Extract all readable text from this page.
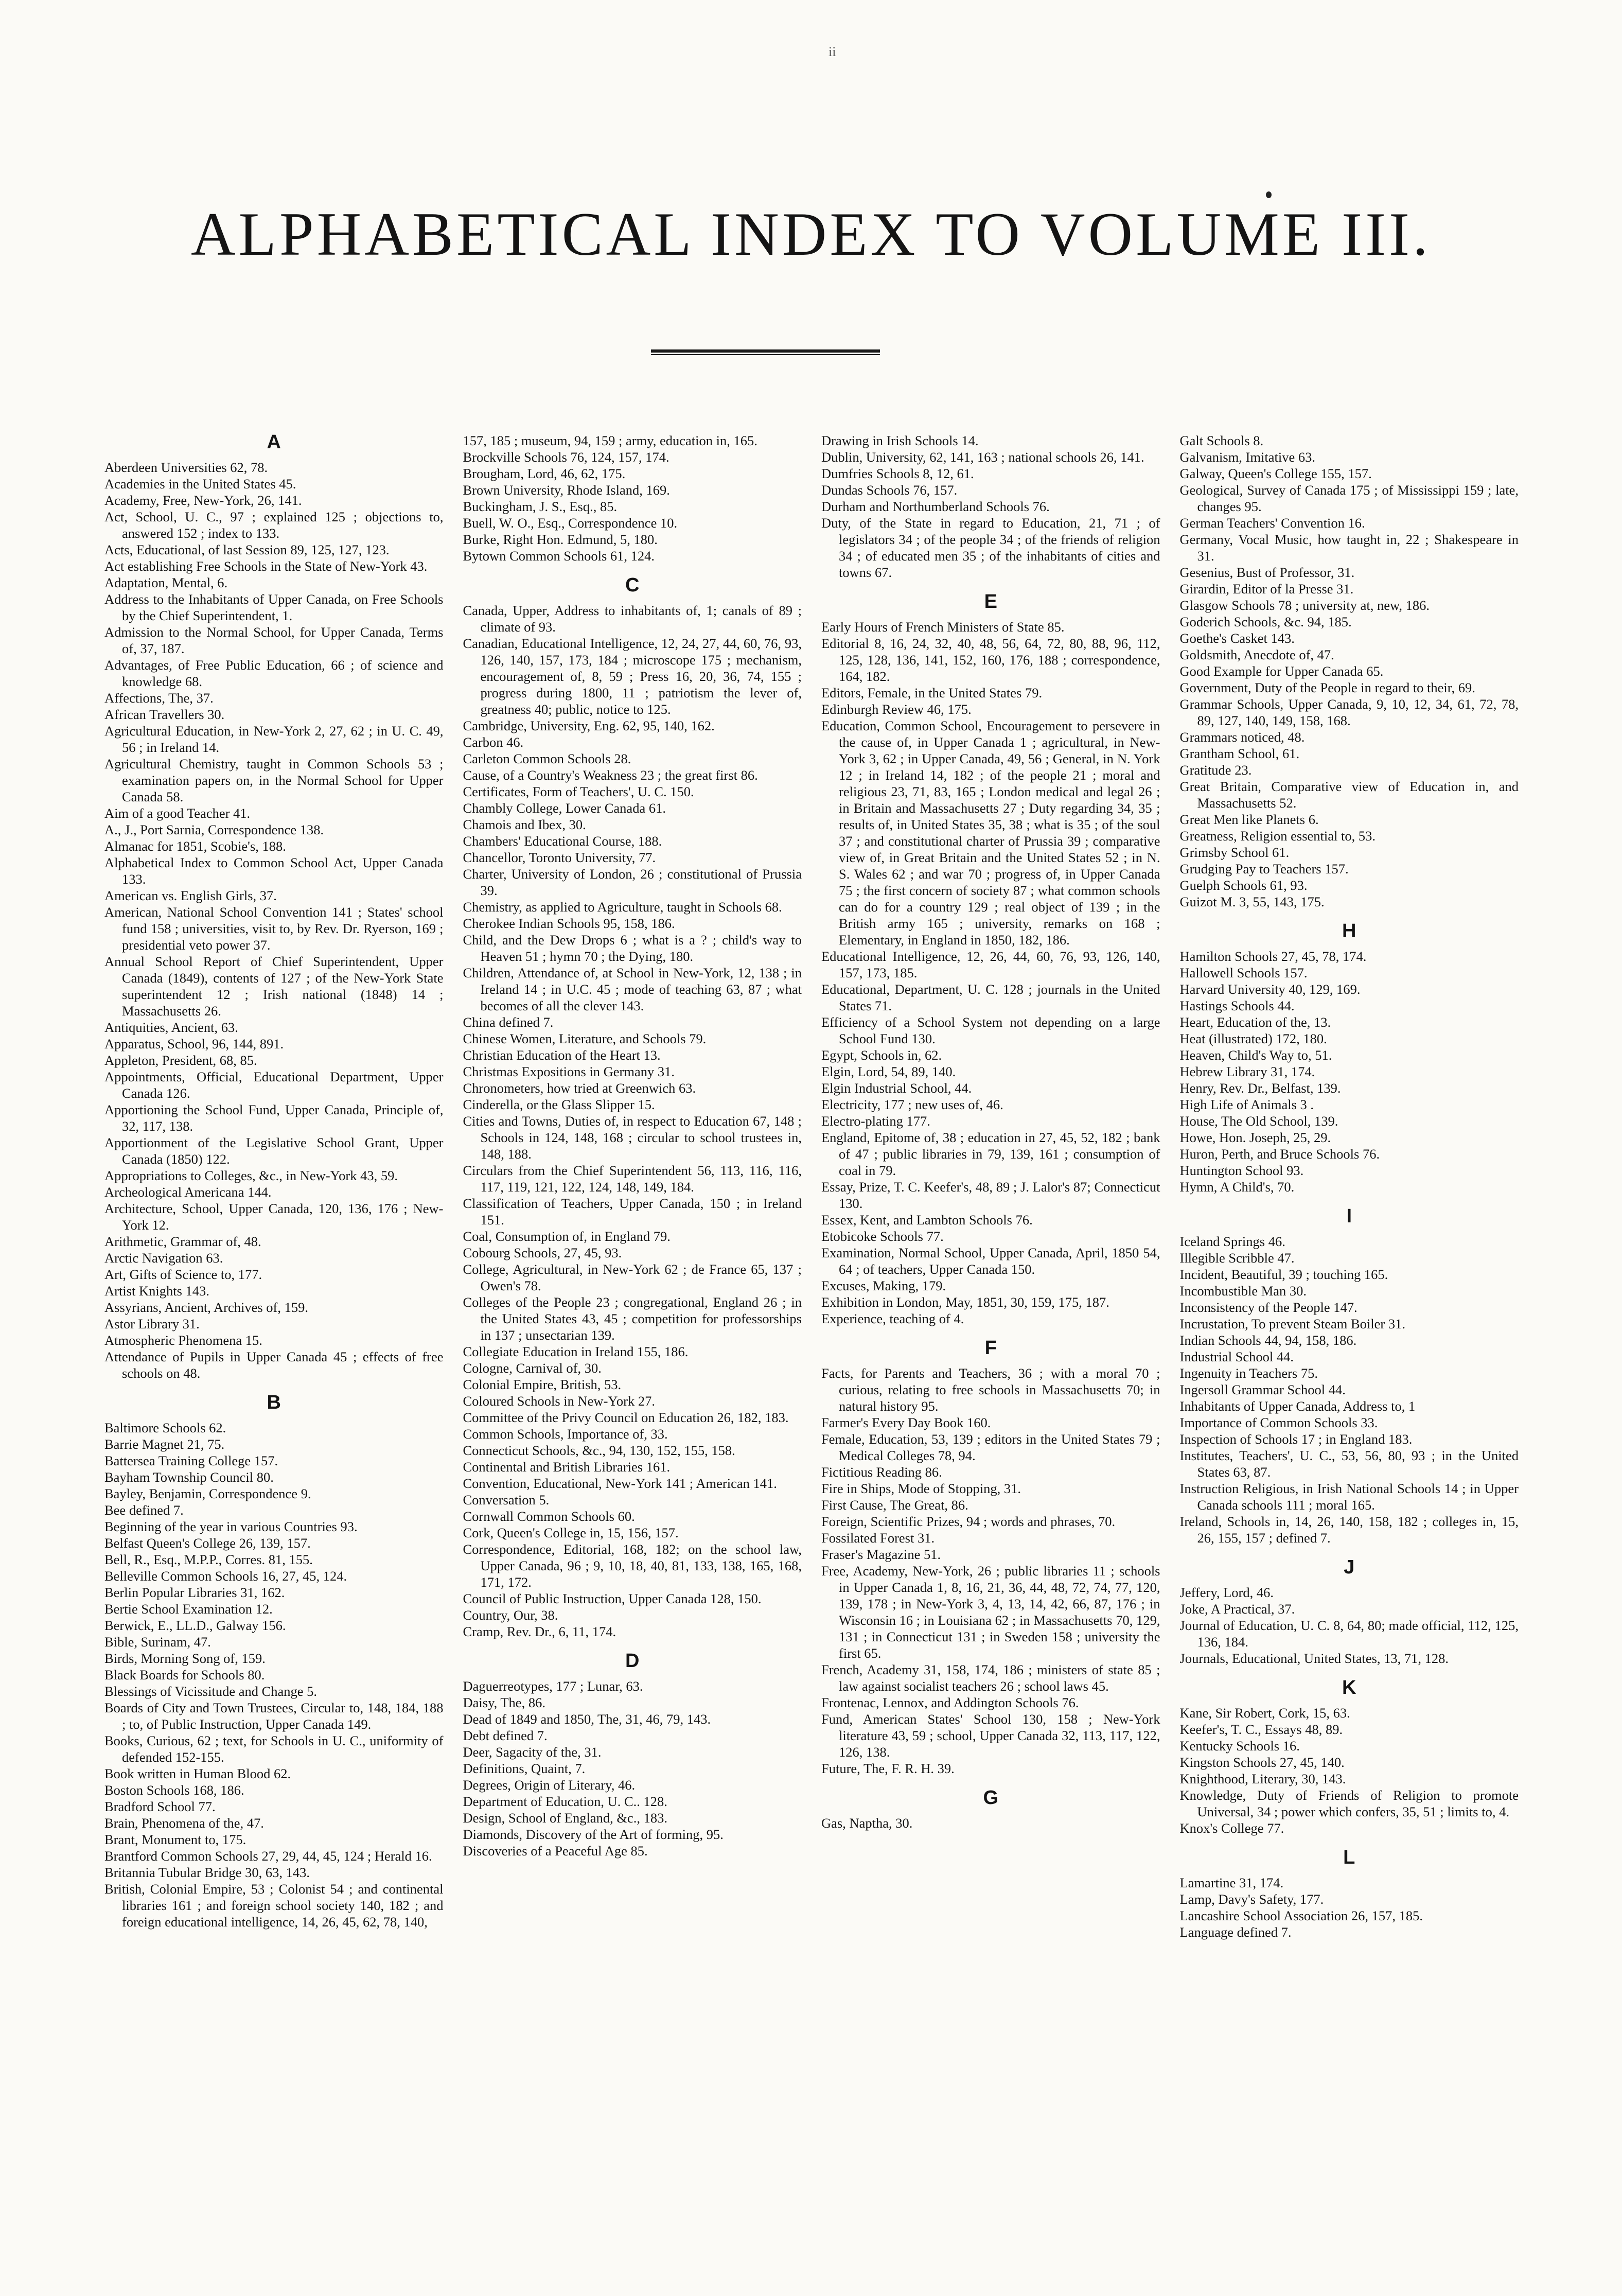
ii
ALPHABETICAL INDEX TO VOLUME III.
A

Aberdeen Universities 62, 78.

Academies in the United States 45.

Academy, Free, New-York, 26, 141.

Act, School, U. C., 97 ; explained 125 ; objections to, answered 152 ; index to 133.

Acts, Educational, of last Session 89, 125, 127, 123.

Act establishing Free Schools in the State of New-York 43.

Adaptation, Mental, 6.

Address to the Inhabitants of Upper Canada, on Free Schools by the Chief Superintendent, 1.

Admission to the Normal School, for Upper Canada, Terms of, 37, 187.

Advantages, of Free Public Education, 66 ; of science and knowledge 68.

Affections, The, 37.

African Travellers 30.

Agricultural Education, in New-York 2, 27, 62 ; in U. C. 49, 56 ; in Ireland 14.

Agricultural Chemistry, taught in Common Schools 53 ; examination papers on, in the Normal School for Upper Canada 58.

Aim of a good Teacher 41.

A., J., Port Sarnia, Correspondence 138.

Almanac for 1851, Scobie's, 188.

Alphabetical Index to Common School Act, Upper Canada 133.

American vs. English Girls, 37.

American, National School Convention 141 ; States' school fund 158 ; universities, visit to, by Rev. Dr. Ryerson, 169 ; presidential veto power 37.

Annual School Report of Chief Superintendent, Upper Canada (1849), contents of 127 ; of the New-York State superintendent 12 ; Irish national (1848) 14 ; Massachusetts 26.

Antiquities, Ancient, 63.

Apparatus, School, 96, 144, 891.

Appleton, President, 68, 85.

Appointments, Official, Educational Department, Upper Canada 126.

Apportioning the School Fund, Upper Canada, Principle of, 32, 117, 138.

Apportionment of the Legislative School Grant, Upper Canada (1850) 122.

Appropriations to Colleges, &c., in New-York 43, 59.

Archeological Americana 144.

Architecture, School, Upper Canada, 120, 136, 176 ; New-York 12.

Arithmetic, Grammar of, 48.

Arctic Navigation 63.

Art, Gifts of Science to, 177.

Artist Knights 143.

Assyrians, Ancient, Archives of, 159.

Astor Library 31.

Atmospheric Phenomena 15.

Attendance of Pupils in Upper Canada 45 ; effects of free schools on 48.

B

Baltimore Schools 62.

Barrie Magnet 21, 75.

Battersea Training College 157.

Bayham Township Council 80.

Bayley, Benjamin, Correspondence 9.

Bee defined 7.

Beginning of the year in various Countries 93.

Belfast Queen's College 26, 139, 157.

Bell, R., Esq., M.P.P., Corres. 81, 155.

Belleville Common Schools 16, 27, 45, 124.

Berlin Popular Libraries 31, 162.

Bertie School Examination 12.

Berwick, E., LL.D., Galway 156.

Bible, Surinam, 47.

Birds, Morning Song of, 159.

Black Boards for Schools 80.

Blessings of Vicissitude and Change 5.

Boards of City and Town Trustees, Circular to, 148, 184, 188 ; to, of Public Instruction, Upper Canada 149.

Books, Curious, 62 ; text, for Schools in U. C., uniformity of defended 152-155.

Book written in Human Blood 62.

Boston Schools 168, 186.

Bradford School 77.

Brain, Phenomena of the, 47.

Brant, Monument to, 175.

Brantford Common Schools 27, 29, 44, 45, 124 ; Herald 16.

Britannia Tubular Bridge 30, 63, 143.

British, Colonial Empire, 53 ; Colonist 54 ; and continental libraries 161 ; and foreign school society 140, 182 ; and foreign educational intelligence, 14, 26, 45, 62, 78, 140,

157, 185 ; museum, 94, 159 ; army, education in, 165.

Brockville Schools 76, 124, 157, 174.

Brougham, Lord, 46, 62, 175.

Brown University, Rhode Island, 169.

Buckingham, J. S., Esq., 85.

Buell, W. O., Esq., Correspondence 10.

Burke, Right Hon. Edmund, 5, 180.

Bytown Common Schools 61, 124.

C

Canada, Upper, Address to inhabitants of, 1; canals of 89 ; climate of 93.

Canadian, Educational Intelligence, 12, 24, 27, 44, 60, 76, 93, 126, 140, 157, 173, 184 ; microscope 175 ; mechanism, encouragement of, 8, 59 ; Press 16, 20, 36, 74, 155 ; progress during 1800, 11 ; patriotism the lever of, greatness 40; public, notice to 125.

Cambridge, University, Eng. 62, 95, 140, 162.

Carbon 46.

Carleton Common Schools 28.

Cause, of a Country's Weakness 23 ; the great first 86.

Certificates, Form of Teachers', U. C. 150.

Chambly College, Lower Canada 61.

Chamois and Ibex, 30.

Chambers' Educational Course, 188.

Chancellor, Toronto University, 77.

Charter, University of London, 26 ; constitutional of Prussia 39.

Chemistry, as applied to Agriculture, taught in Schools 68.

Cherokee Indian Schools 95, 158, 186.

Child, and the Dew Drops 6 ; what is a ? ; child's way to Heaven 51 ; hymn 70 ; the Dying, 180.

Children, Attendance of, at School in New-York, 12, 138 ; in Ireland 14 ; in U.C. 45 ; mode of teaching 63, 87 ; what becomes of all the clever 143.

China defined 7.

Chinese Women, Literature, and Schools 79.

Christian Education of the Heart 13.

Christmas Expositions in Germany 31.

Chronometers, how tried at Greenwich 63.

Cinderella, or the Glass Slipper 15.

Cities and Towns, Duties of, in respect to Education 67, 148 ; Schools in 124, 148, 168 ; circular to school trustees in, 148, 188.

Circulars from the Chief Superintendent 56, 113, 116, 116, 117, 119, 121, 122, 124, 148, 149, 184.

Classification of Teachers, Upper Canada, 150 ; in Ireland 151.

Coal, Consumption of, in England 79.

Cobourg Schools, 27, 45, 93.

College, Agricultural, in New-York 62 ; de France 65, 137 ; Owen's 78.

Colleges of the People 23 ; congregational, England 26 ; in the United States 43, 45 ; competition for professorships in 137 ; unsectarian 139.

Collegiate Education in Ireland 155, 186.

Cologne, Carnival of, 30.

Colonial Empire, British, 53.

Coloured Schools in New-York 27.

Committee of the Privy Council on Education 26, 182, 183.

Common Schools, Importance of, 33.

Connecticut Schools, &c., 94, 130, 152, 155, 158.

Continental and British Libraries 161.

Convention, Educational, New-York 141 ; American 141.

Conversation 5.

Cornwall Common Schools 60.

Cork, Queen's College in, 15, 156, 157.

Correspondence, Editorial, 168, 182; on the school law, Upper Canada, 96 ; 9, 10, 18, 40, 81, 133, 138, 165, 168, 171, 172.

Council of Public Instruction, Upper Canada 128, 150.

Country, Our, 38.

Cramp, Rev. Dr., 6, 11, 174.

D

Daguerreotypes, 177 ; Lunar, 63.

Daisy, The, 86.

Dead of 1849 and 1850, The, 31, 46, 79, 143.

Debt defined 7.

Deer, Sagacity of the, 31.

Definitions, Quaint, 7.

Degrees, Origin of Literary, 46.

Department of Education, U. C.. 128.

Design, School of England, &c., 183.

Diamonds, Discovery of the Art of forming, 95.

Discoveries of a Peaceful Age 85.

Drawing in Irish Schools 14.

Dublin, University, 62, 141, 163 ; national schools 26, 141.

Dumfries Schools 8, 12, 61.

Dundas Schools 76, 157.

Durham and Northumberland Schools 76.

Duty, of the State in regard to Education, 21, 71 ; of legislators 34 ; of the people 34 ; of the friends of religion 34 ; of educated men 35 ; of the inhabitants of cities and towns 67.

E

Early Hours of French Ministers of State 85.

Editorial 8, 16, 24, 32, 40, 48, 56, 64, 72, 80, 88, 96, 112, 125, 128, 136, 141, 152, 160, 176, 188 ; correspondence, 164, 182.

Editors, Female, in the United States 79.

Edinburgh Review 46, 175.

Education, Common School, Encouragement to persevere in the cause of, in Upper Canada 1 ; agricultural, in New-York 3, 62 ; in Upper Canada, 49, 56 ; General, in N. York 12 ; in Ireland 14, 182 ; of the people 21 ; moral and religious 23, 71, 83, 165 ; London medical and legal 26 ; in Britain and Massachusetts 27 ; Duty regarding 34, 35 ; results of, in United States 35, 38 ; what is 35 ; of the soul 37 ; and constitutional charter of Prussia 39 ; comparative view of, in Great Britain and the United States 52 ; in N. S. Wales 62 ; and war 70 ; progress of, in Upper Canada 75 ; the first concern of society 87 ; what common schools can do for a country 129 ; real object of 139 ; in the British army 165 ; university, remarks on 168 ; Elementary, in England in 1850, 182, 186.

Educational Intelligence, 12, 26, 44, 60, 76, 93, 126, 140, 157, 173, 185.

Educational, Department, U. C. 128 ; journals in the United States 71.

Efficiency of a School System not depending on a large School Fund 130.

Egypt, Schools in, 62.

Elgin, Lord, 54, 89, 140.

Elgin Industrial School, 44.

Electricity, 177 ; new uses of, 46.

Electro-plating 177.

England, Epitome of, 38 ; education in 27, 45, 52, 182 ; bank of 47 ; public libraries in 79, 139, 161 ; consumption of coal in 79.

Essay, Prize, T. C. Keefer's, 48, 89 ; J. Lalor's 87; Connecticut 130.

Essex, Kent, and Lambton Schools 76.

Etobicoke Schools 77.

Examination, Normal School, Upper Canada, April, 1850 54, 64 ; of teachers, Upper Canada 150.

Excuses, Making, 179.

Exhibition in London, May, 1851, 30, 159, 175, 187.

Experience, teaching of 4.

F

Facts, for Parents and Teachers, 36 ; with a moral 70 ; curious, relating to free schools in Massachusetts 70; in natural history 95.

Farmer's Every Day Book 160.

Female, Education, 53, 139 ; editors in the United States 79 ; Medical Colleges 78, 94.

Fictitious Reading 86.

Fire in Ships, Mode of Stopping, 31.

First Cause, The Great, 86.

Foreign, Scientific Prizes, 94 ; words and phrases, 70.

Fossilated Forest 31.

Fraser's Magazine 51.

Free, Academy, New-York, 26 ; public libraries 11 ; schools in Upper Canada 1, 8, 16, 21, 36, 44, 48, 72, 74, 77, 120, 139, 178 ; in New-York 3, 4, 13, 14, 42, 66, 87, 176 ; in Wisconsin 16 ; in Louisiana 62 ; in Massachusetts 70, 129, 131 ; in Connecticut 131 ; in Sweden 158 ; university the first 65.

French, Academy 31, 158, 174, 186 ; ministers of state 85 ; law against socialist teachers 26 ; school laws 45.

Frontenac, Lennox, and Addington Schools 76.

Fund, American States' School 130, 158 ; New-York literature 43, 59 ; school, Upper Canada 32, 113, 117, 122, 126, 138.

Future, The, F. R. H. 39.

G

Gas, Naptha, 30.

Galt Schools 8.

Galvanism, Imitative 63.

Galway, Queen's College 155, 157.

Geological, Survey of Canada 175 ; of Mississippi 159 ; late, changes 95.

German Teachers' Convention 16.

Germany, Vocal Music, how taught in, 22 ; Shakespeare in 31.

Gesenius, Bust of Professor, 31.

Girardin, Editor of la Presse 31.

Glasgow Schools 78 ; university at, new, 186.

Goderich Schools, &c. 94, 185.

Goethe's Casket 143.

Goldsmith, Anecdote of, 47.

Good Example for Upper Canada 65.

Government, Duty of the People in regard to their, 69.

Grammar Schools, Upper Canada, 9, 10, 12, 34, 61, 72, 78, 89, 127, 140, 149, 158, 168.

Grammars noticed, 48.

Grantham School, 61.

Gratitude 23.

Great Britain, Comparative view of Education in, and Massachusetts 52.

Great Men like Planets 6.

Greatness, Religion essential to, 53.

Grimsby School 61.

Grudging Pay to Teachers 157.

Guelph Schools 61, 93.

Guizot M. 3, 55, 143, 175.

H

Hamilton Schools 27, 45, 78, 174.

Hallowell Schools 157.

Harvard University 40, 129, 169.

Hastings Schools 44.

Heart, Education of the, 13.

Heat (illustrated) 172, 180.

Heaven, Child's Way to, 51.

Hebrew Library 31, 174.

Henry, Rev. Dr., Belfast, 139.

High Life of Animals 3 .

House, The Old School, 139.

Howe, Hon. Joseph, 25, 29.

Huron, Perth, and Bruce Schools 76.

Huntington School 93.

Hymn, A Child's, 70.

I

Iceland Springs 46.

Illegible Scribble 47.

Incident, Beautiful, 39 ; touching 165.

Incombustible Man 30.

Inconsistency of the People 147.

Incrustation, To prevent Steam Boiler 31.

Indian Schools 44, 94, 158, 186.

Industrial School 44.

Ingenuity in Teachers 75.

Ingersoll Grammar School 44.

Inhabitants of Upper Canada, Address to, 1

Importance of Common Schools 33.

Inspection of Schools 17 ; in England 183.

Institutes, Teachers', U. C., 53, 56, 80, 93 ; in the United States 63, 87.

Instruction Religious, in Irish National Schools 14 ; in Upper Canada schools 111 ; moral 165.

Ireland, Schools in, 14, 26, 140, 158, 182 ; colleges in, 15, 26, 155, 157 ; defined 7.

J

Jeffery, Lord, 46.

Joke, A Practical, 37.

Journal of Education, U. C. 8, 64, 80; made official, 112, 125, 136, 184.

Journals, Educational, United States, 13, 71, 128.

K

Kane, Sir Robert, Cork, 15, 63.

Keefer's, T. C., Essays 48, 89.

Kentucky Schools 16.

Kingston Schools 27, 45, 140.

Knighthood, Literary, 30, 143.

Knowledge, Duty of Friends of Religion to promote Universal, 34 ; power which confers, 35, 51 ; limits to, 4.

Knox's College 77.

L

Lamartine 31, 174.

Lamp, Davy's Safety, 177.

Lancashire School Association 26, 157, 185.

Language defined 7.
